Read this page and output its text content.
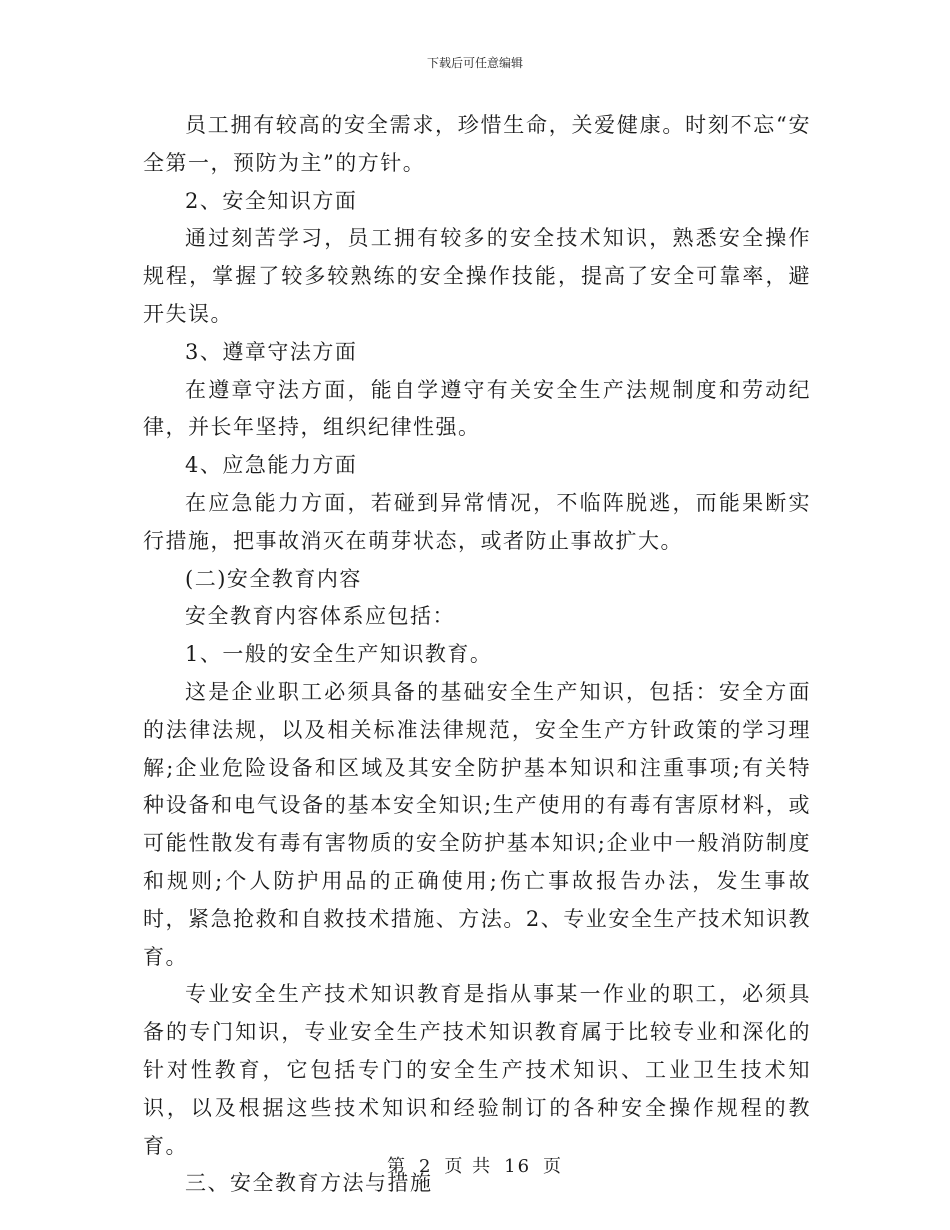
下载后可任意编辑

员工拥有较高的安全需求，珍惜生命，关爱健康。时刻不忘“安全第一，预防为主”的方针。

2、安全知识方面

通过刻苦学习，员工拥有较多的安全技术知识，熟悉安全操作规程，掌握了较多较熟练的安全操作技能，提高了安全可靠率，避开失误。

3、遵章守法方面

在遵章守法方面，能自学遵守有关安全生产法规制度和劳动纪律，并长年坚持，组织纪律性强。

4、应急能力方面

在应急能力方面，若碰到异常情况，不临阵脱逃，而能果断实行措施，把事故消灭在萌芽状态，或者防止事故扩大。

(二)安全教育内容

安全教育内容体系应包括：

1、一般的安全生产知识教育。

这是企业职工必须具备的基础安全生产知识，包括：安全方面的法律法规，以及相关标准法律规范，安全生产方针政策的学习理解;企业危险设备和区域及其安全防护基本知识和注重事项;有关特种设备和电气设备的基本安全知识;生产使用的有毒有害原材料，或可能性散发有毒有害物质的安全防护基本知识;企业中一般消防制度和规则;个人防护用品的正确使用;伤亡事故报告办法，发生事故时，紧急抢救和自救技术措施、方法。2、专业安全生产技术知识教育。

专业安全生产技术知识教育是指从事某一作业的职工，必须具备的专门知识，专业安全生产技术知识教育属于比较专业和深化的针对性教育，它包括专门的安全生产技术知识、工业卫生技术知识，以及根据这些技术知识和经验制订的各种安全操作规程的教育。

三、安全教育方法与措施

第 2 页 共 16 页
